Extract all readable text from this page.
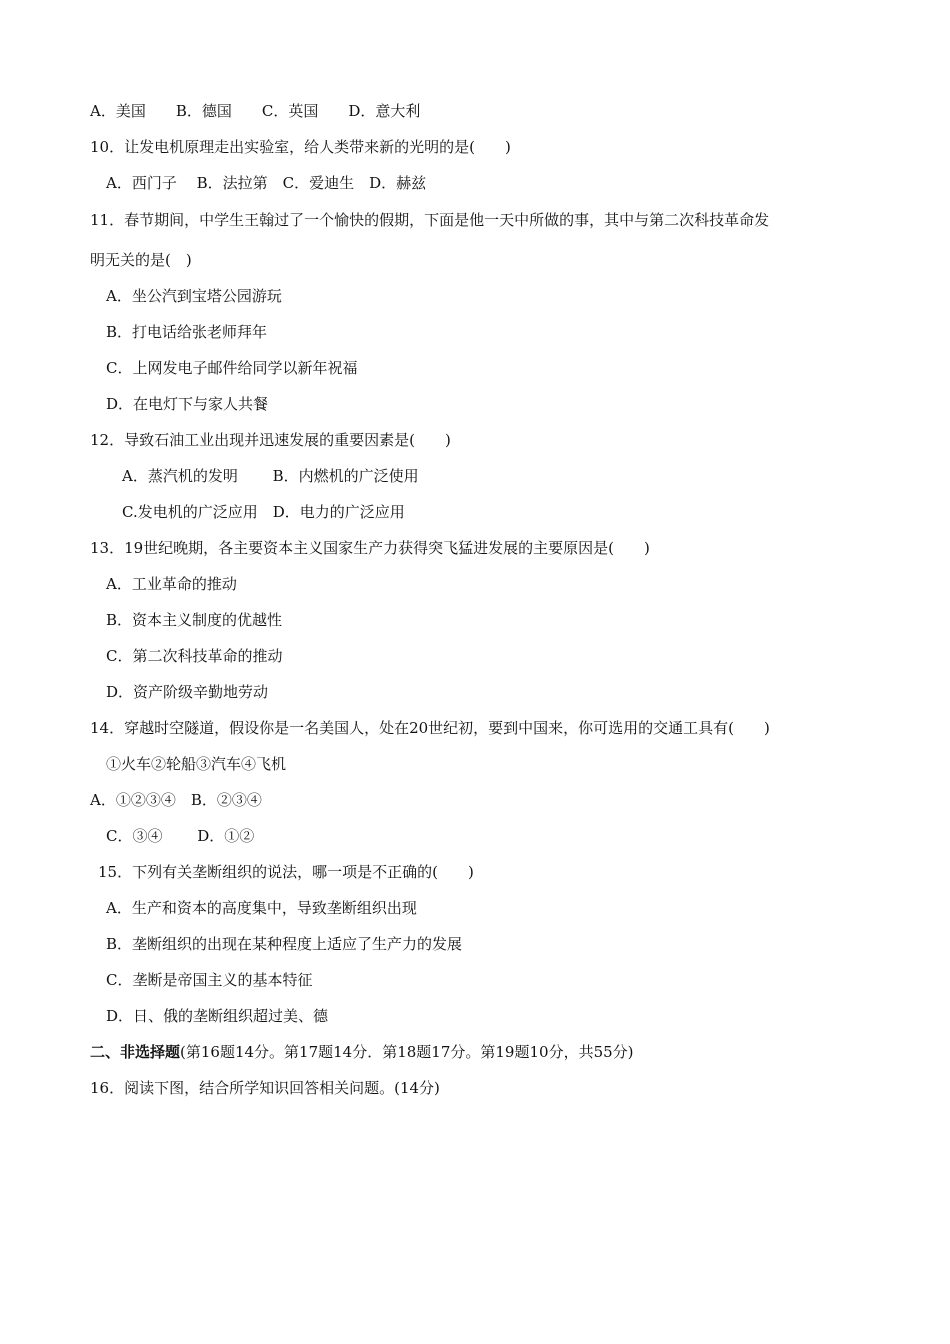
A．美国　　B．德国　　C．英国　　D．意大利
10．让发电机原理走出实验室，给人类带来新的光明的是(　　)
A．西门子　 B．法拉第　C．爱迪生　D．赫兹
11．春节期间，中学生王翰过了一个愉快的假期，下面是他一天中所做的事，其中与第二次科技革命发
明无关的是(　)
A．坐公汽到宝塔公园游玩
B．打电话给张老师拜年
C．上网发电子邮件给同学以新年祝福
D．在电灯下与家人共餐
12．导致石油工业出现并迅速发展的重要因素是(　　)
A．蒸汽机的发明　　 B．内燃机的广泛使用
C.发电机的广泛应用　D．电力的广泛应用
13．19世纪晚期，各主要资本主义国家生产力获得突飞猛进发展的主要原因是(　　)
A．工业革命的推动
B．资本主义制度的优越性
C．第二次科技革命的推动
D．资产阶级辛勤地劳动
14．穿越时空隧道，假设你是一名美国人，处在20世纪初，要到中国来，你可选用的交通工具有(　　)
①火车②轮船③汽车④飞机
A．①②③④　B．②③④
C．③④　　 D．①②
15．下列有关垄断组织的说法，哪一项是不正确的(　　)
A．生产和资本的高度集中，导致垄断组织出现
B．垄断组织的出现在某种程度上适应了生产力的发展
C．垄断是帝国主义的基本特征
D．日、俄的垄断组织超过美、德
二、非选择题(第16题14分。第17题14分．第18题17分。第19题10分，共55分)
16．阅读下图，结合所学知识回答相关问题。(14分)
